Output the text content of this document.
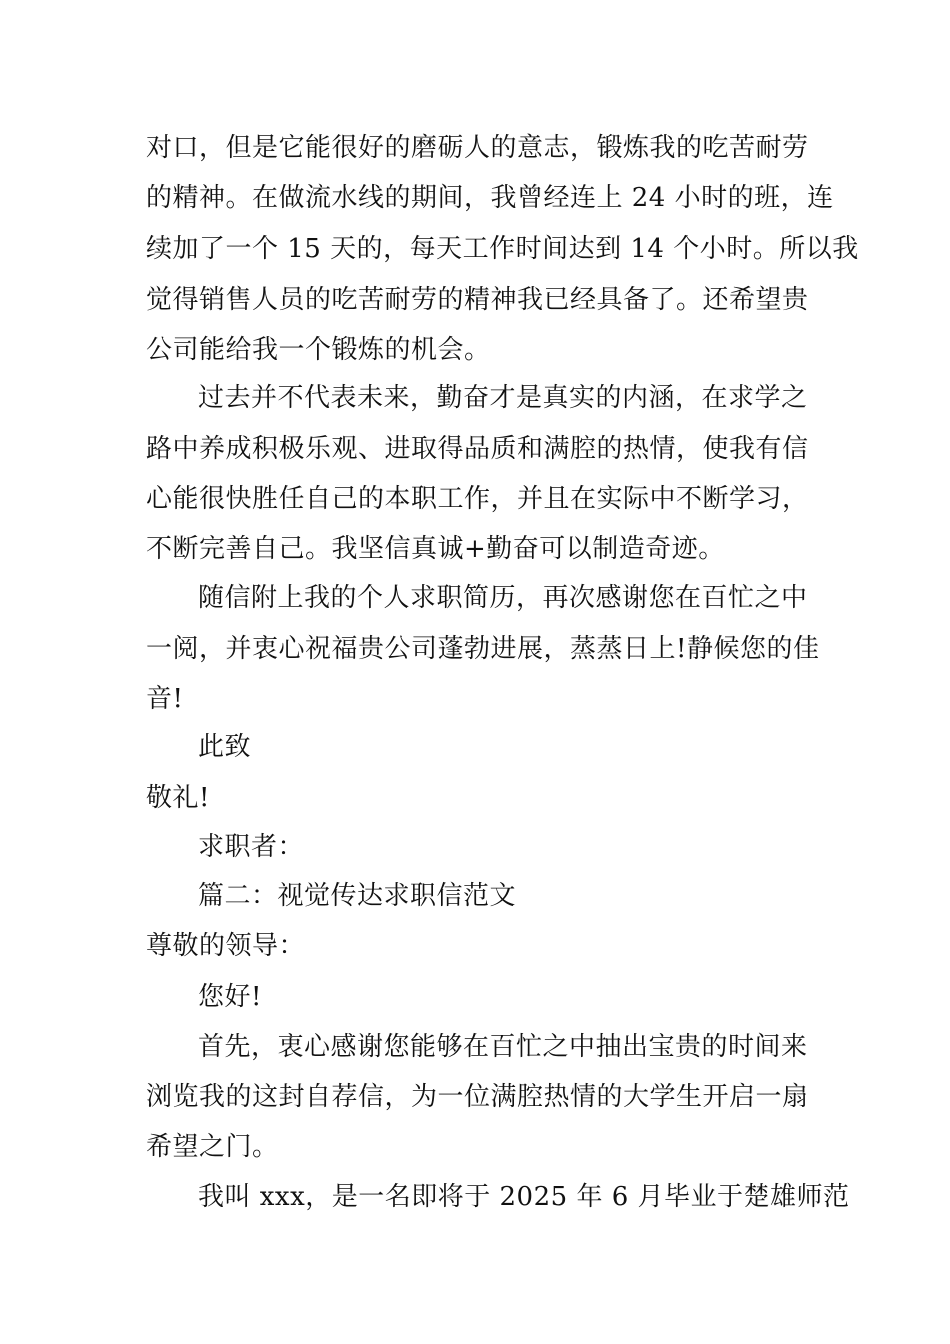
对口，但是它能很好的磨砺人的意志，锻炼我的吃苦耐劳
的精神。在做流水线的期间，我曾经连上 24 小时的班，连
续加了一个 15 天的，每天工作时间达到 14 个小时。所以我
觉得销售人员的吃苦耐劳的精神我已经具备了。还希望贵
公司能给我一个锻炼的机会。
过去并不代表未来，勤奋才是真实的内涵，在求学之
路中养成积极乐观、进取得品质和满腔的热情，使我有信
心能很快胜任自己的本职工作，并且在实际中不断学习，
不断完善自己。我坚信真诚+勤奋可以制造奇迹。
随信附上我的个人求职简历，再次感谢您在百忙之中
一阅，并衷心祝福贵公司蓬勃进展，蒸蒸日上!静候您的佳
音!
此致
敬礼!
求职者：
篇二：视觉传达求职信范文
尊敬的领导：
您好!
首先，衷心感谢您能够在百忙之中抽出宝贵的时间来
浏览我的这封自荐信，为一位满腔热情的大学生开启一扇
希望之门。
我叫 xxx，是一名即将于 2025 年 6 月毕业于楚雄师范
